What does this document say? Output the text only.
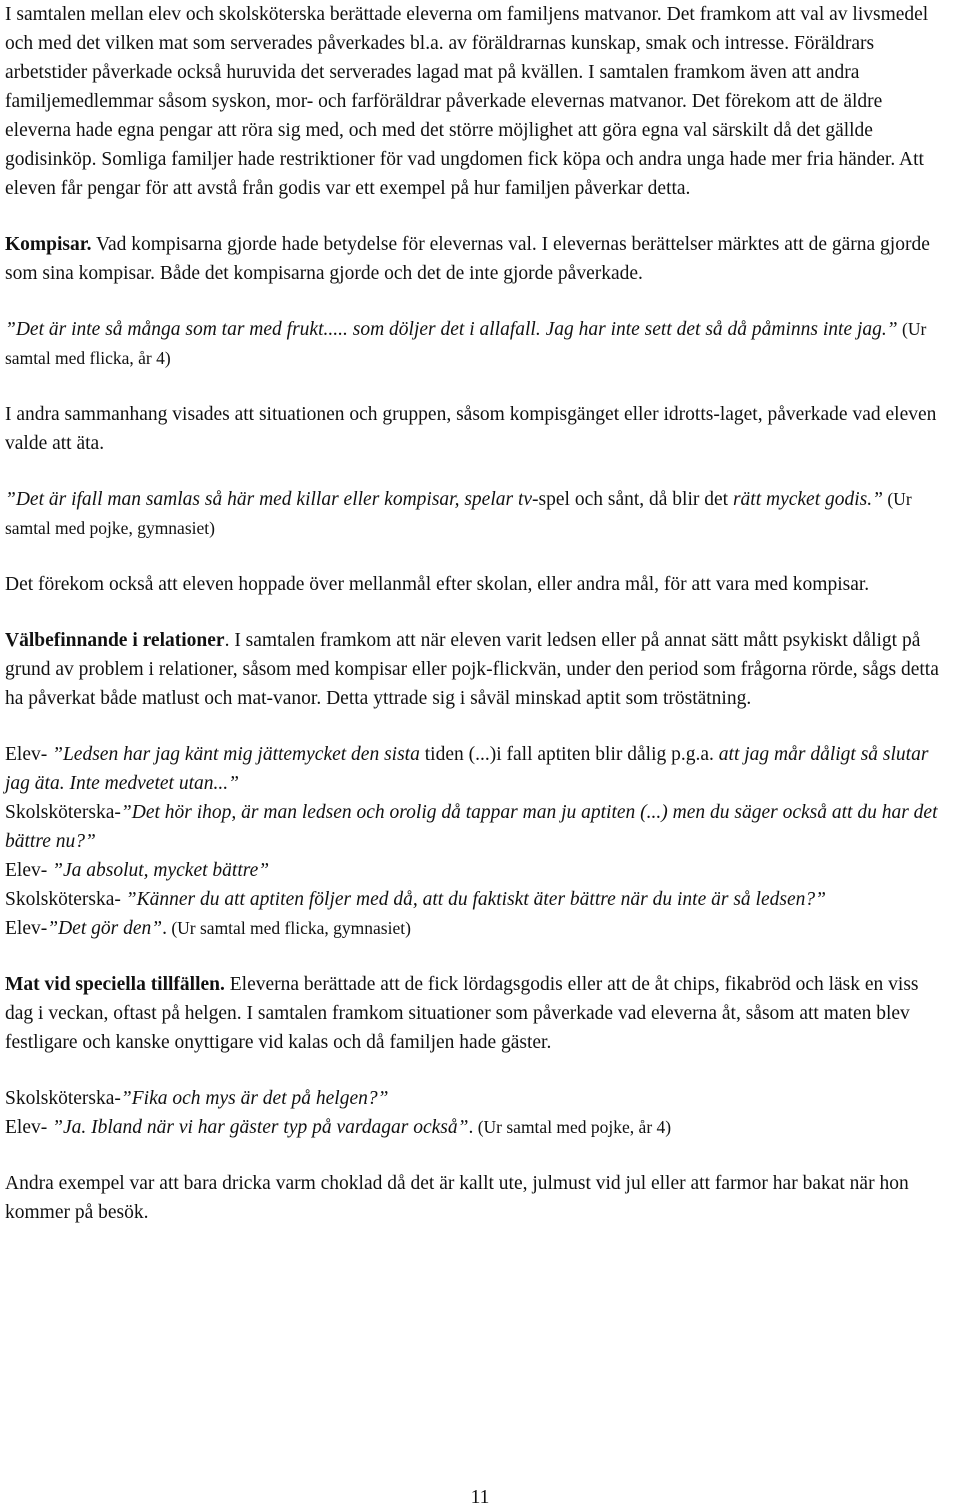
I samtalen mellan elev och skolsköterska berättade eleverna om familjens matvanor. Det framkom att val av livsmedel och med det vilken mat som serverades påverkades bl.a. av föräldrarnas kunskap, smak och intresse. Föräldrars arbetstider påverkade också huruvida det serverades lagad mat på kvällen. I samtalen framkom även att andra familjemedlemmar såsom syskon, mor- och farföräldrar påverkade elevernas matvanor. Det förekom att de äldre eleverna hade egna pengar att röra sig med, och med det större möjlighet att göra egna val särskilt då det gällde godisinköp. Somliga familjer hade restriktioner för vad ungdomen fick köpa och andra unga hade mer fria händer. Att eleven får pengar för att avstå från godis var ett exempel på hur familjen påverkar detta.

Kompisar. Vad kompisarna gjorde hade betydelse för elevernas val. I elevernas berättelser märktes att de gärna gjorde som sina kompisar. Både det kompisarna gjorde och det de inte gjorde påverkade.

”Det är inte så många som tar med frukt..... som döljer det i allafall. Jag har inte sett det så då påminns inte jag.” (Ur samtal med flicka, år 4)

I andra sammanhang visades att situationen och gruppen, såsom kompisgänget eller idrotts-laget, påverkade vad eleven valde att äta.

”Det är ifall man samlas så här med killar eller kompisar, spelar tv-spel och sånt, då blir det rätt mycket godis.” (Ur samtal med pojke, gymnasiet)

Det förekom också att eleven hoppade över mellanmål efter skolan, eller andra mål, för att vara med kompisar.

Välbefinnande i relationer. I samtalen framkom att när eleven varit ledsen eller på annat sätt mått psykiskt dåligt på grund av problem i relationer, såsom med kompisar eller pojk-flickvän, under den period som frågorna rörde, sågs detta ha påverkat både matlust och mat-vanor. Detta yttrade sig i såväl minskad aptit som tröstätning.

Elev- ”Ledsen har jag känt mig jättemycket den sista tiden (...)i fall aptiten blir dålig p.g.a. att jag mår dåligt så slutar jag äta. Inte medvetet utan...”

Skolsköterska-”Det hör ihop, är man ledsen och orolig då tappar man ju aptiten (...) men du säger också att du har det bättre nu?”

Elev- ”Ja absolut, mycket bättre”

Skolsköterska- ”Känner du att aptiten följer med då, att du faktiskt äter bättre när du inte är så ledsen?”

Elev-”Det gör den”. (Ur samtal med flicka, gymnasiet)

Mat vid speciella tillfällen. Eleverna berättade att de fick lördagsgodis eller att de åt chips, fikabröd och läsk en viss dag i veckan, oftast på helgen. I samtalen framkom situationer som påverkade vad eleverna åt, såsom att maten blev festligare och kanske onyttigare vid kalas och då familjen hade gäster.

Skolsköterska-”Fika och mys är det på helgen?”

Elev- ”Ja. Ibland när vi har gäster typ på vardagar också”. (Ur samtal med pojke, år 4)

Andra exempel var att bara dricka varm choklad då det är kallt ute, julmust vid jul eller att farmor har bakat när hon kommer på besök.

11
